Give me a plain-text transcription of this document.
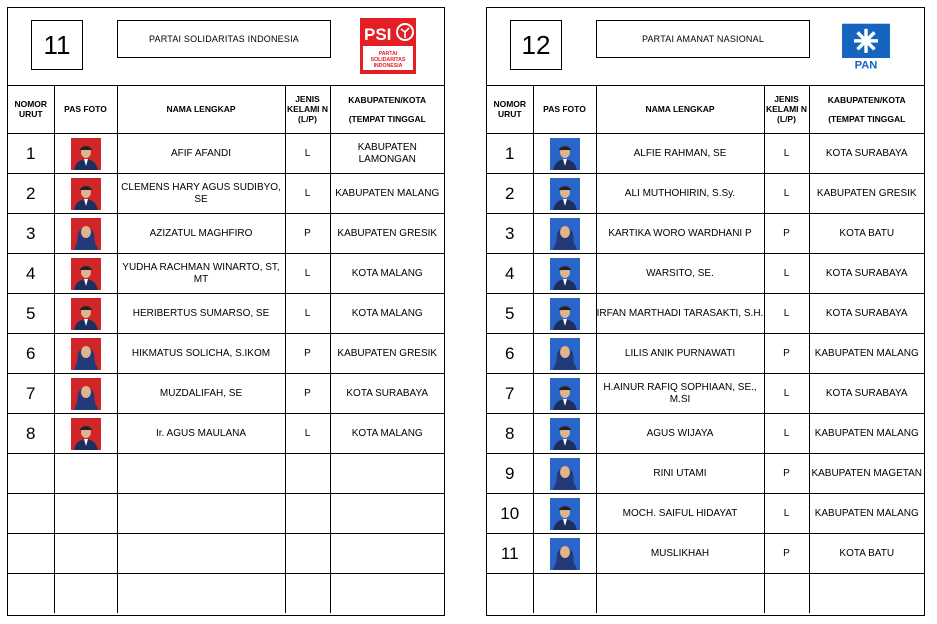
11	PARTAI SOLIDARITAS INDONESIA	PSI
PARTAI
SOLIDARITAS
INDONESIA
NOMOR URUT	PAS FOTO	NAMA LENGKAP	JENIS KELAMI N (L/P)	KABUPATEN/KOTA
(TEMPAT TINGGAL

1		AFIF AFANDI	L	KABUPATEN LAMONGAN
2		CLEMENS HARY AGUS SUDIBYO, SE	L	KABUPATEN MALANG
3		AZIZATUL MAGHFIRO	P	KABUPATEN GRESIK
4		YUDHA RACHMAN WINARTO, ST, MT	L	KOTA MALANG
5		HERIBERTUS SUMARSO, SE	L	KOTA MALANG
6		HIKMATUS SOLICHA, S.IKOM	P	KABUPATEN GRESIK
7		MUZDALIFAH, SE	P	KOTA SURABAYA
8		Ir. AGUS MAULANA	L	KOTA MALANG

12	PARTAI AMANAT NASIONAL
PAN
NOMOR URUT	PAS FOTO	NAMA LENGKAP	JENIS KELAMI N (L/P)	KABUPATEN/KOTA
(TEMPAT TINGGAL

1		ALFIE RAHMAN, SE	L	KOTA SURABAYA
2		ALI MUTHOHIRIN, S.Sy.	L	KABUPATEN GRESIK
3		KARTIKA WORO WARDHANI P	P	KOTA BATU
4		WARSITO, SE.	L	KOTA SURABAYA
5		IRFAN MARTHADI TARASAKTI, S.H.	L	KOTA SURABAYA
6		LILIS ANIK PURNAWATI	P	KABUPATEN MALANG
7		H.AINUR RAFIQ SOPHIAAN, SE., M.SI	L	KOTA SURABAYA
8		AGUS WIJAYA	L	KABUPATEN MALANG
9		RINI UTAMI	P	KABUPATEN MAGETAN
10		MOCH. SAIFUL HIDAYAT	L	KABUPATEN MALANG
11		MUSLIKHAH	P	KOTA BATU
